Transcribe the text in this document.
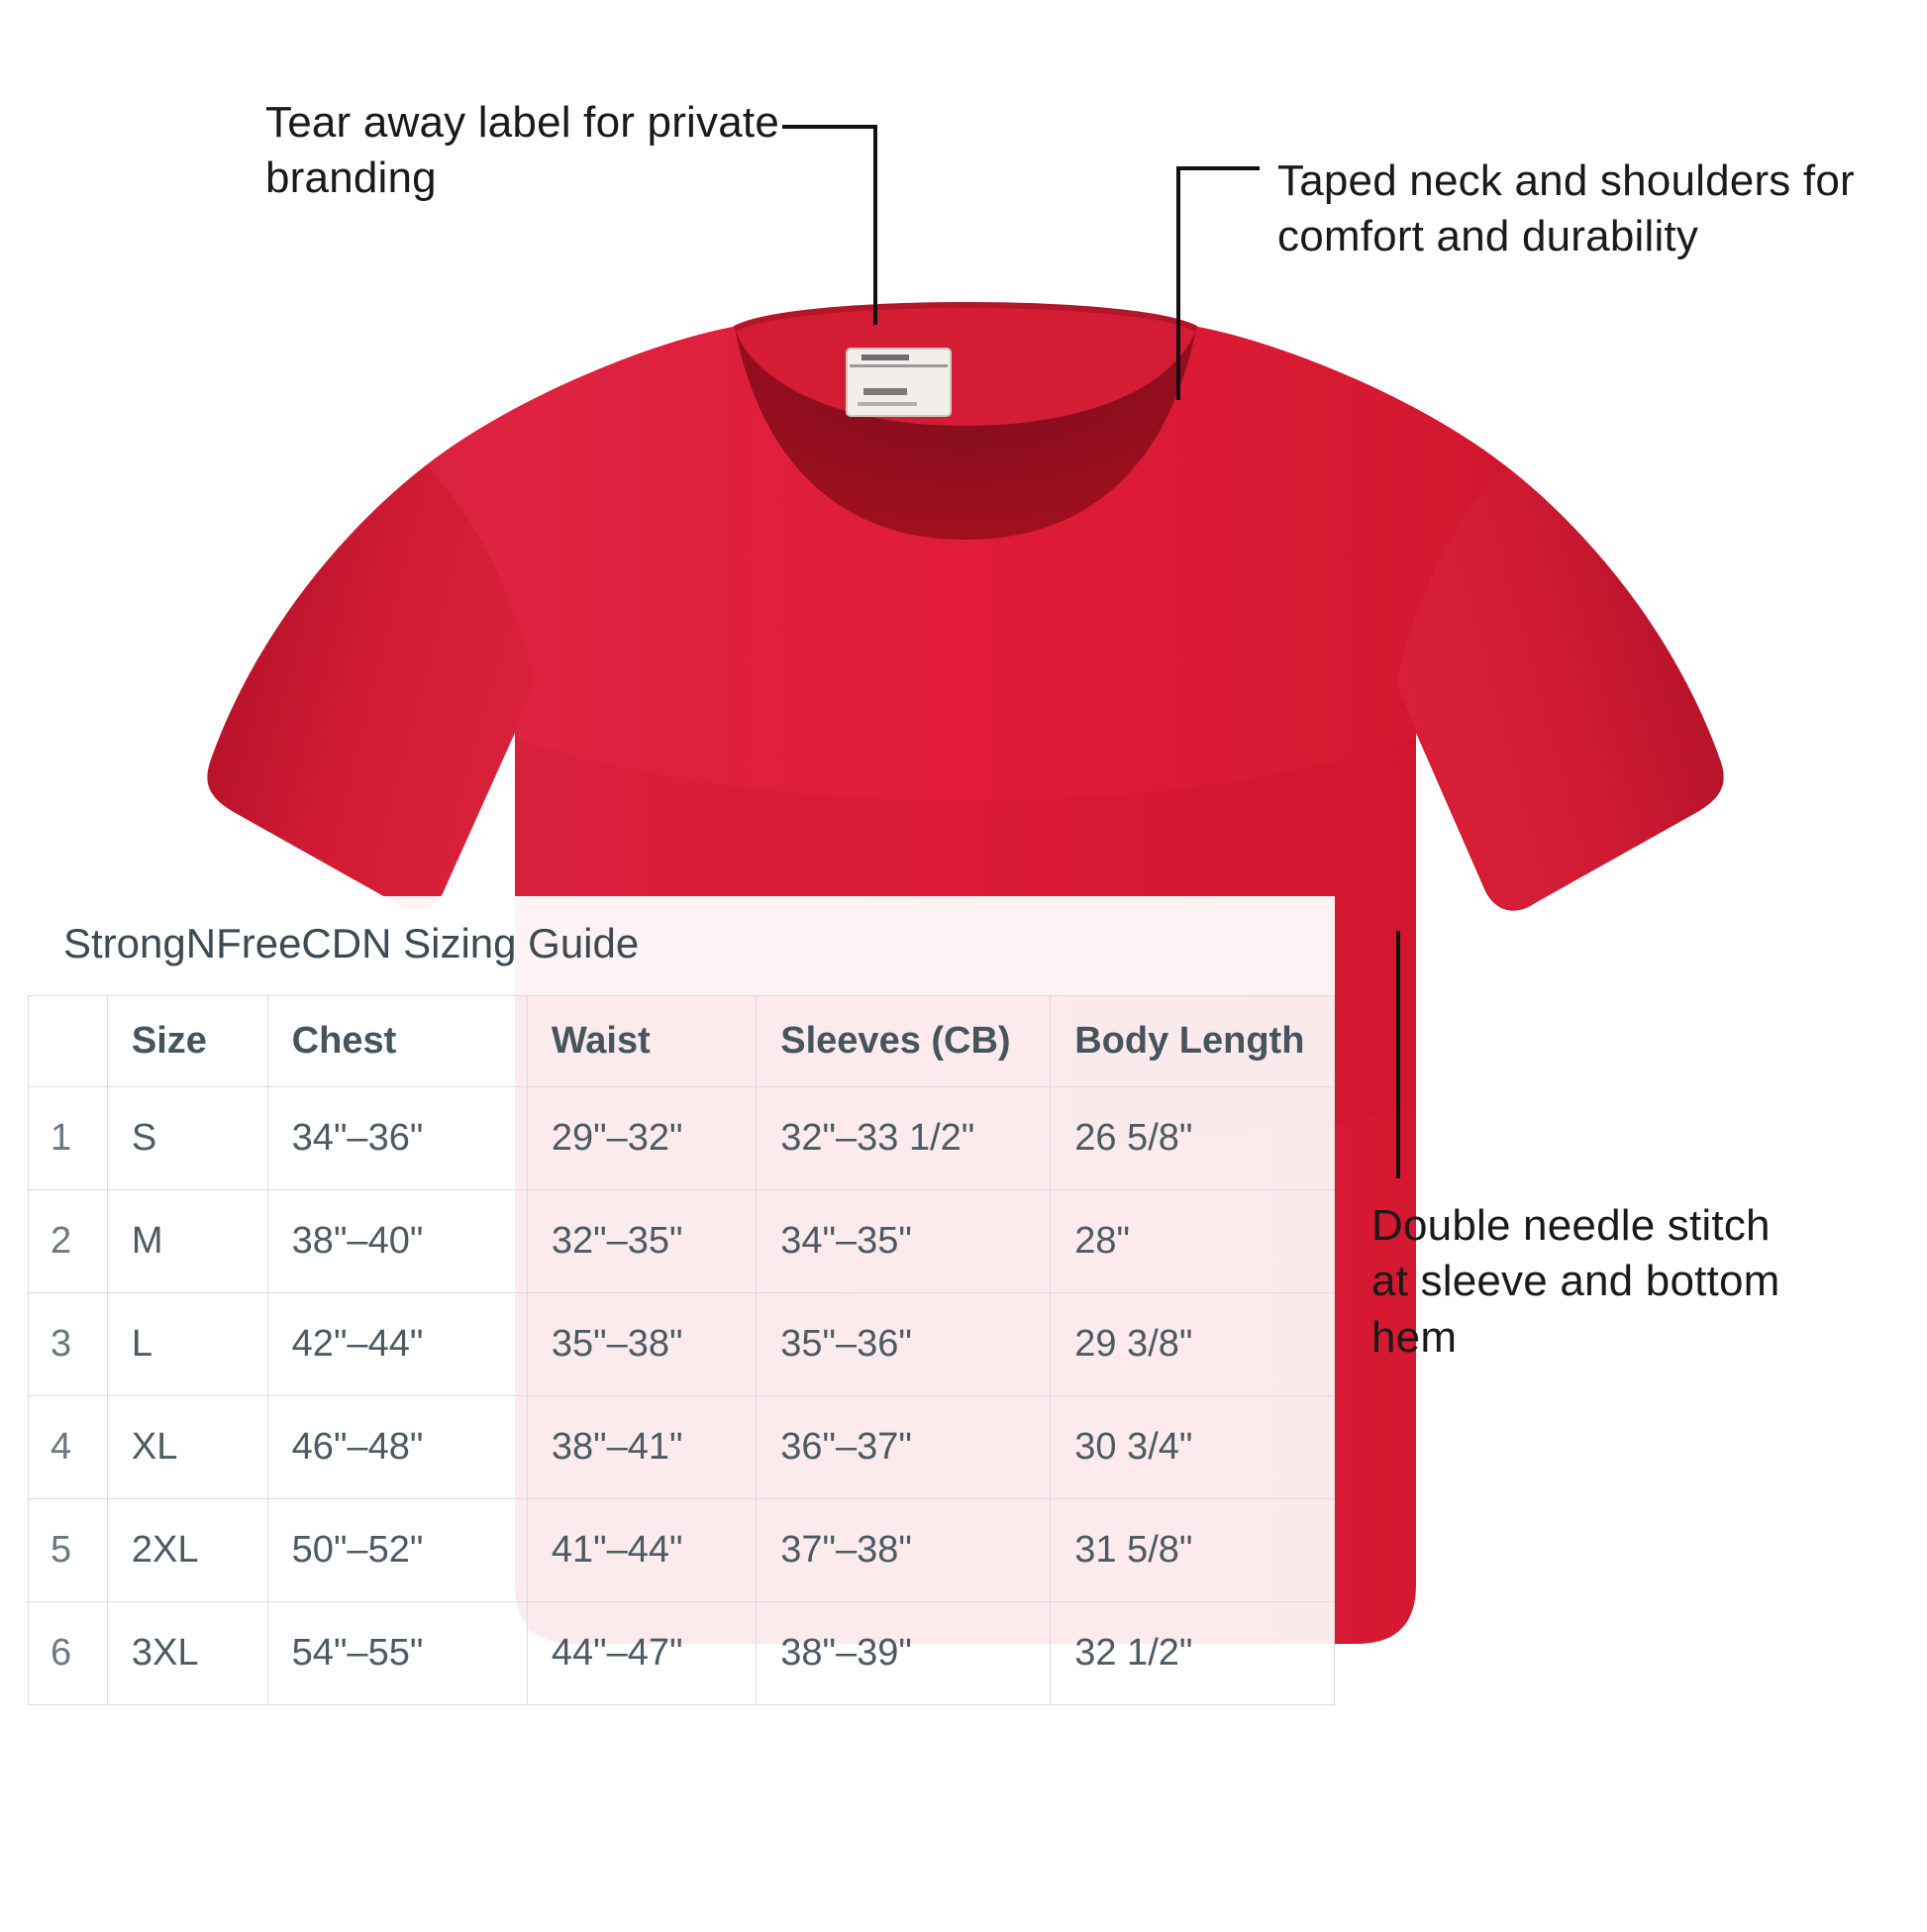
Tear away label for private branding	Taped neck and shoulders for comfort and durability
Double needle stitch at sleeve and bottom hem
StrongNFreeCDN Sizing Guide
	Size	Chest	Waist	Sleeves (CB)	Body Length
1	S	34"–36"	29"–32"	32"–33 1/2"	26 5/8"
2	M	38"–40"	32"–35"	34"–35"	28"
3	L	42"–44"	35"–38"	35"–36"	29 3/8"
4	XL	46"–48"	38"–41"	36"–37"	30 3/4"
5	2XL	50"–52"	41"–44"	37"–38"	31 5/8"
6	3XL	54"–55"	44"–47"	38"–39"	32 1/2"
